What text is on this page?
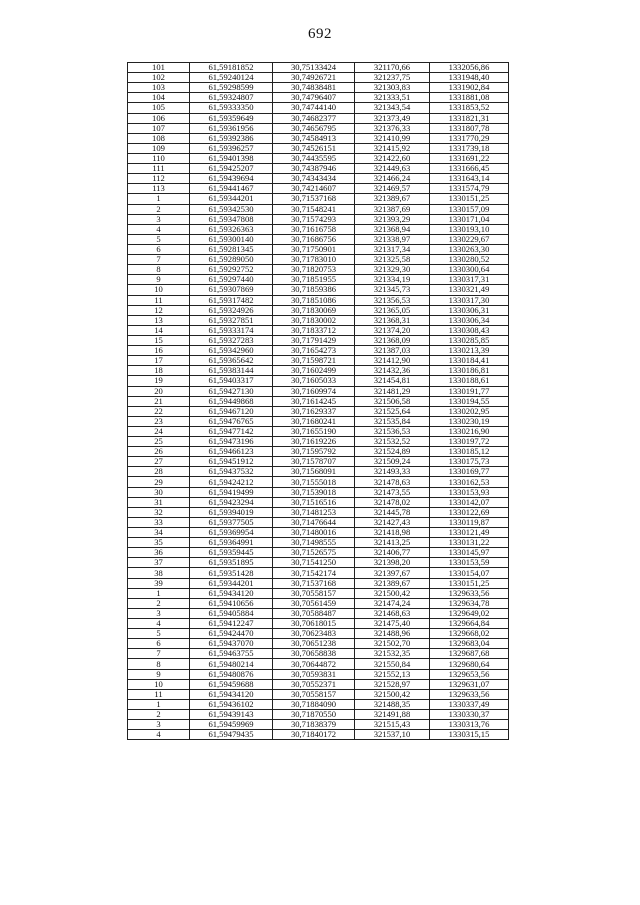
692
101	61,59181852	30,75133424	321170,66	1332056,86
102	61,59240124	30,74926721	321237,75	1331948,40
103	61,59298599	30,74838481	321303,83	1331902,84
104	61,59324807	30,74796407	321333,51	1331881,08
105	61,59333350	30,74744140	321343,54	1331853,52
106	61,59359649	30,74682377	321373,49	1331821,31
107	61,59361956	30,74656795	321376,33	1331807,78
108	61,59392386	30,74584913	321410,99	1331770,29
109	61,59396257	30,74526151	321415,92	1331739,18
110	61,59401398	30,74435595	321422,60	1331691,22
111	61,59425207	30,74387946	321449,63	1331666,45
112	61,59439694	30,74343434	321466,24	1331643,14
113	61,59441467	30,74214607	321469,57	1331574,79
1	61,59344201	30,71537168	321389,67	1330151,25
2	61,59342530	30,71548241	321387,69	1330157,09
3	61,59347808	30,71574293	321393,29	1330171,04
4	61,59326363	30,71616758	321368,94	1330193,10
5	61,59300140	30,71686756	321338,97	1330229,67
6	61,59281345	30,71750901	321317,34	1330263,30
7	61,59289050	30,71783010	321325,58	1330280,52
8	61,59292752	30,71820753	321329,30	1330300,64
9	61,59297440	30,71851955	321334,19	1330317,31
10	61,59307869	30,71859386	321345,73	1330321,49
11	61,59317482	30,71851086	321356,53	1330317,30
12	61,59324926	30,71830069	321365,05	1330306,31
13	61,59327851	30,71830002	321368,31	1330306,34
14	61,59333174	30,71833712	321374,20	1330308,43
15	61,59327283	30,71791429	321368,09	1330285,85
16	61,59342960	30,71654273	321387,03	1330213,39
17	61,59365642	30,71598721	321412,90	1330184,41
18	61,59383144	30,71602499	321432,36	1330186,81
19	61,59403317	30,71605033	321454,81	1330188,61
20	61,59427130	30,71609974	321481,29	1330191,77
21	61,59449868	30,71614245	321506,58	1330194,55
22	61,59467120	30,71629337	321525,64	1330202,95
23	61,59476765	30,71680241	321535,84	1330230,19
24	61,59477142	30,71655190	321536,53	1330216,90
25	61,59473196	30,71619226	321532,52	1330197,72
26	61,59466123	30,71595792	321524,89	1330185,12
27	61,59451912	30,71578707	321509,24	1330175,73
28	61,59437532	30,71568091	321493,33	1330169,77
29	61,59424212	30,71555018	321478,63	1330162,53
30	61,59419499	30,71539018	321473,55	1330153,93
31	61,59423294	30,71516516	321478,02	1330142,07
32	61,59394019	30,71481253	321445,78	1330122,69
33	61,59377505	30,71476644	321427,43	1330119,87
34	61,59369954	30,71480016	321418,98	1330121,49
35	61,59364991	30,71498555	321413,25	1330131,22
36	61,59359445	30,71526575	321406,77	1330145,97
37	61,59351895	30,71541250	321398,20	1330153,59
38	61,59351428	30,71542174	321397,67	1330154,07
39	61,59344201	30,71537168	321389,67	1330151,25
1	61,59434120	30,70558157	321500,42	1329633,56
2	61,59410656	30,70561459	321474,24	1329634,78
3	61,59405884	30,70588487	321468,63	1329649,02
4	61,59412247	30,70618015	321475,40	1329664,84
5	61,59424470	30,70623483	321488,96	1329668,02
6	61,59437070	30,70651238	321502,70	1329683,04
7	61,59463755	30,70658838	321532,35	1329687,68
8	61,59480214	30,70644872	321550,84	1329680,64
9	61,59480876	30,70593831	321552,13	1329653,56
10	61,59459688	30,70552371	321528,97	1329631,07
11	61,59434120	30,70558157	321500,42	1329633,56
1	61,59436102	30,71884090	321488,35	1330337,49
2	61,59439143	30,71870550	321491,88	1330330,37
3	61,59459969	30,71838379	321515,43	1330313,76
4	61,59479435	30,71840172	321537,10	1330315,15
